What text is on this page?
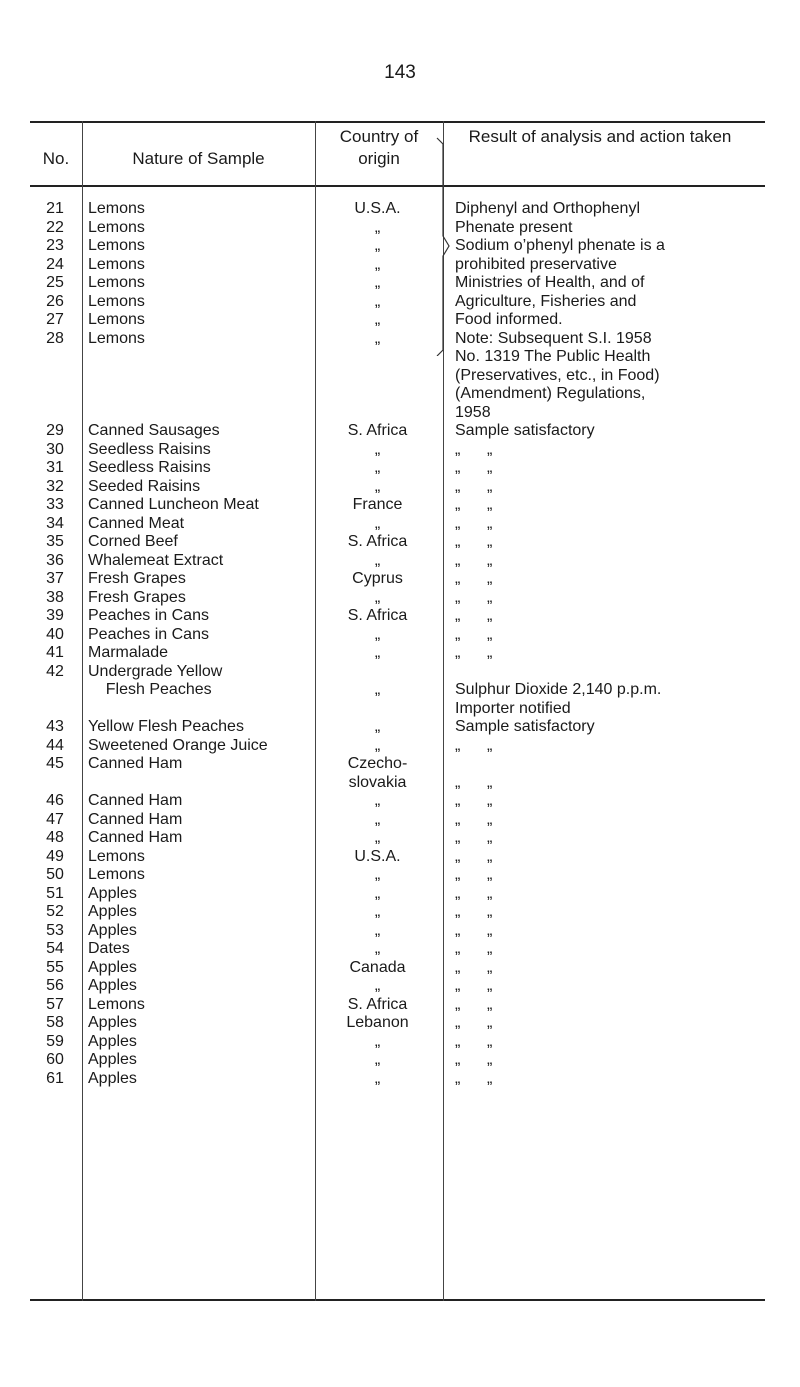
143
No.	Nature of Sample
Country of origin
Result of analysis and action taken
21	Lemons	U.S.A.	Diphenyl and Orthophenyl
22	Lemons	„	Phenate present
23	Lemons	„	Sodium o’phenyl phenate is a
24	Lemons	„	prohibited preservative
25	Lemons	„	Ministries of Health, and of
26	Lemons	„	Agriculture, Fisheries and
27	Lemons	„	Food informed.
28	Lemons	„	Note: Subsequent S.I. 1958
No. 1319 The Public Health
(Preservatives, etc., in Food)
(Amendment) Regulations,
1958
29	Canned Sausages	S. Africa	Sample satisfactory
30	Seedless Raisins	„	„      „
31	Seedless Raisins	„	„      „
32	Seeded Raisins	„	„      „
33	Canned Luncheon Meat	France	„      „
34	Canned Meat	„	„      „
35	Corned Beef	S. Africa	„      „
36	Whalemeat Extract	„	„      „
37	Fresh Grapes	Cyprus	„      „
38	Fresh Grapes	„	„      „
39	Peaches in Cans	S. Africa	„      „
40	Peaches in Cans	„	„      „
41	Marmalade	„	„      „
42	Undergrade Yellow
Flesh Peaches	„	Sulphur Dioxide 2,140 p.p.m.
Importer notified
43	Yellow Flesh Peaches	„	Sample satisfactory
44	Sweetened Orange Juice	„	„      „
45	Canned Ham	Czecho-
slovakia	„      „
46	Canned Ham	„	„      „
47	Canned Ham	„	„      „
48	Canned Ham	„	„      „
49	Lemons	U.S.A.	„      „
50	Lemons	„	„      „
51	Apples	„	„      „
52	Apples	„	„      „
53	Apples	„	„      „
54	Dates	„	„      „
55	Apples	Canada	„      „
56	Apples	„	„      „
57	Lemons	S. Africa	„      „
58	Apples	Lebanon	„      „
59	Apples	„	„      „
60	Apples	„	„      „
61	Apples	„	„      „
